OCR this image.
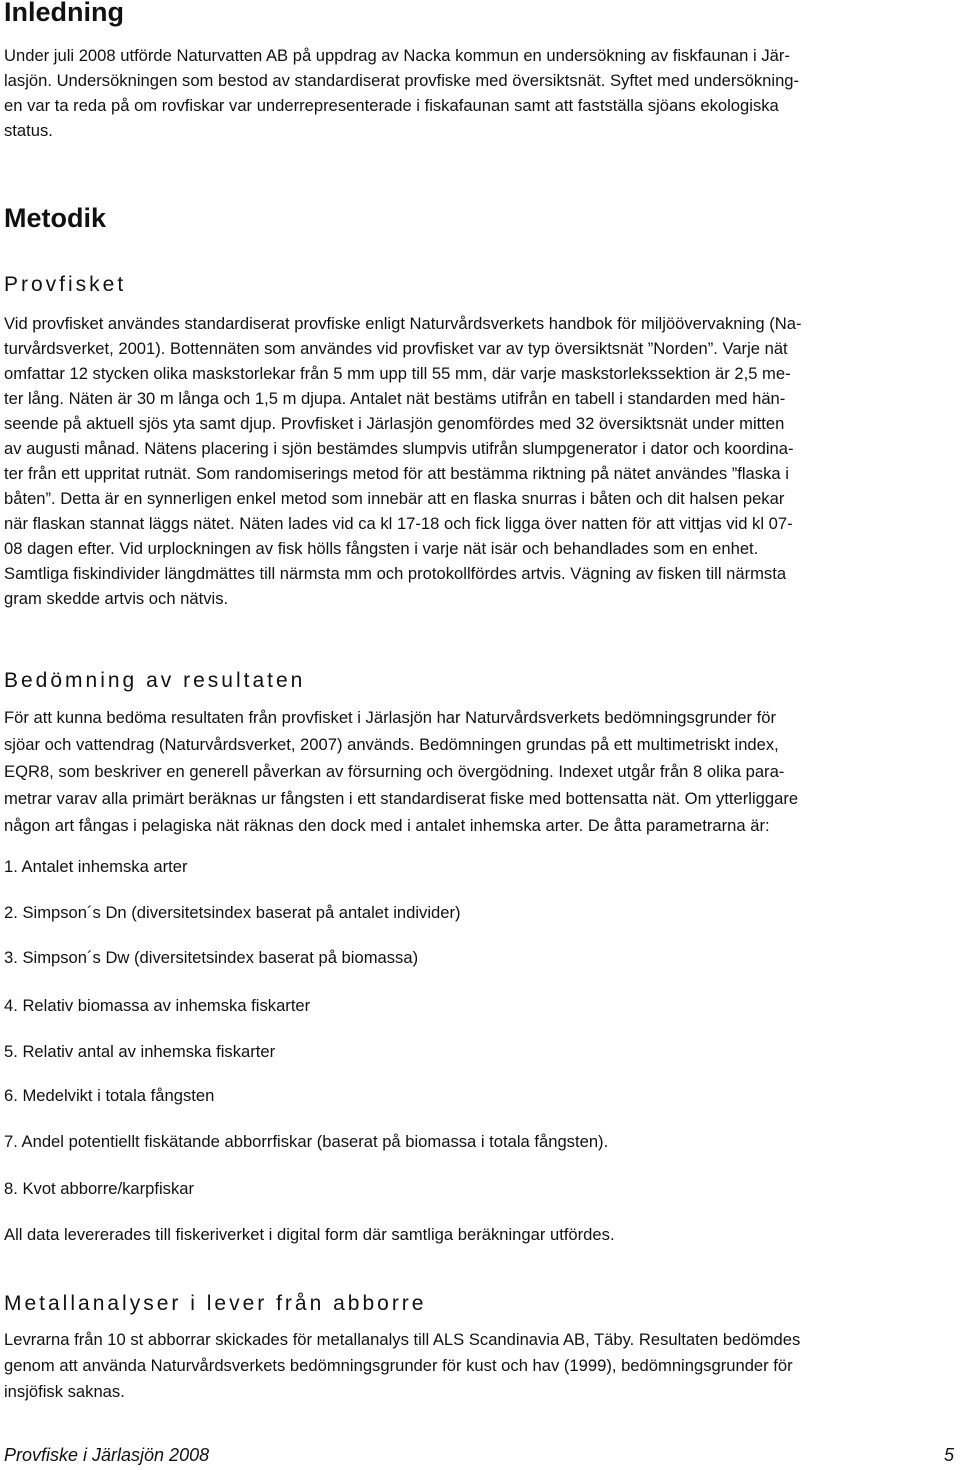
Inledning

Under juli 2008 utförde Naturvatten AB på uppdrag av Nacka kommun en undersökning av fiskfaunan i Jär-

lasjön. Undersökningen som bestod av standardiserat provfiske med översiktsnät. Syftet med undersökning-

en var ta reda på om rovfiskar var underrepresenterade i fiskafaunan samt att fastställa sjöans ekologiska

status.

Metodik
Provfisket

Vid provfisket användes standardiserat provfiske enligt Naturvårdsverkets handbok för miljöövervakning (Na-

turvårdsverket, 2001). Bottennäten som användes vid provfisket var av typ översiktsnät ”Norden”. Varje nät

omfattar 12 stycken olika maskstorlekar från 5 mm upp till 55 mm, där varje maskstorlekssektion är 2,5 me-

ter lång. Näten är 30 m långa och 1,5 m djupa. Antalet nät bestäms utifrån en tabell i standarden med hän-

seende på aktuell sjös yta samt djup. Provfisket i Järlasjön genomfördes med 32 översiktsnät under mitten

av augusti månad. Nätens placering i sjön bestämdes slumpvis utifrån slumpgenerator i dator och koordina-

ter från ett uppritat rutnät. Som randomiserings metod för att bestämma riktning på nätet användes ”flaska i

båten”. Detta är en synnerligen enkel metod som innebär att en flaska snurras i båten och dit halsen pekar

när flaskan stannat läggs nätet. Näten lades vid ca kl 17-18 och fick ligga över natten för att vittjas vid kl 07-

08 dagen efter. Vid urplockningen av fisk hölls fångsten i varje nät isär och behandlades som en enhet.

Samtliga fiskindivider längdmättes till närmsta mm och protokollfördes artvis. Vägning av fisken till närmsta

gram skedde artvis och nätvis.

Bedömning av resultaten

För att kunna bedöma resultaten från provfisket i Järlasjön har Naturvårdsverkets bedömningsgrunder för

sjöar och vattendrag (Naturvårdsverket, 2007) används. Bedömningen grundas på ett multimetriskt index,

EQR8, som beskriver en generell påverkan av försurning och övergödning. Indexet utgår från 8 olika para-

metrar varav alla primärt beräknas ur fångsten i ett standardiserat fiske med bottensatta nät. Om ytterliggare

någon art fångas i pelagiska nät räknas den dock med i antalet inhemska arter. De åtta parametrarna är:

1. Antalet inhemska arter
2. Simpson´s Dn (diversitetsindex baserat på antalet individer)
3. Simpson´s Dw (diversitetsindex baserat på biomassa)
4. Relativ biomassa av inhemska fiskarter
5. Relativ antal av inhemska fiskarter
6. Medelvikt i totala fångsten
7. Andel potentiellt fiskätande abborrfiskar (baserat på biomassa i totala fångsten).
8. Kvot abborre/karpfiskar

All data levererades till fiskeriverket i digital form där samtliga beräkningar utfördes.

Metallanalyser i lever från abborre

Levrarna från 10 st abborrar skickades för metallanalys till ALS Scandinavia AB, Täby. Resultaten bedömdes

genom att använda Naturvårdsverkets bedömningsgrunder för kust och hav (1999), bedömningsgrunder för

insjöfisk saknas.

Provfiske i Järlasjön 2008	5
